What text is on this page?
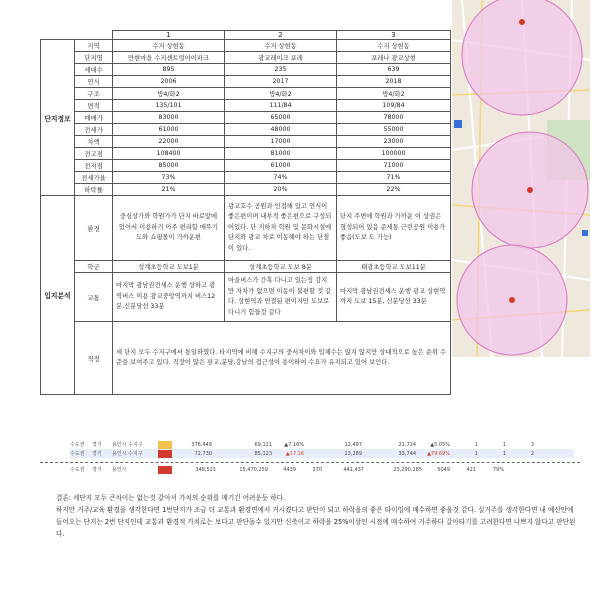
		1	2	3
단지정보	지역	수지 상현동	수지 상현동	수지 상현동
	단지명	만현마을 수지센트럴아이파크	광교레이크 포레	포레나 광교상현
	세대수	895	235	639
	연식	2006	2017	2018
	구조	방4/화2	방4/화2	방4/화2
	면적	135/101	111/84	109/84
	매매가	83000	65000	78000
	전세가	61000	48000	55000
	차액	22000	17000	23000
	전고점	108400	81000	100000
	전저점	85000	61000	71000
	전세가율	73%	74%	71%
	하락률	21%	20%	22%
입지분석	환경	중심상가와 학원가가 단지 바로앞에 있어서 이용하기 아주 편리함 메뚜기도와 쇼핑몰이 가까운편	광교호수 공원과 인접해 있고 연식이 좋은편이며 내부적 좋은편으로 구성되어있다. 단 지하차 학원 및 문화시설에 단지와 광교 차로 이동해야 하는 단점이 있다.	단지 주변에 학원과 가까운 이 상권은 형성되어 있음 준세통 근린공원 이용가 좋음(도보 도 가능)
	학군	성계초등학교 도보1분	상계초등학교 도보 8분	태광초등학교 도보11분
	교통	마지막 광남권전세스 운행 상하고 광역버스 이용 광교중앙역까지 버스12분,신분당선 33분	마을버스가 간혹 다니고 있는정 감지만 자차가 없으면 이동이 불편할 것 같다. 상현역과 연결된 편이지만 도보로 다니기 힘들것 같다	마지막 광남권전세스 운행 광교 상현역까지 도보 15분, 신분당선 33분
	적정	세 단지 모두 수지구에서 통일하였다. 타지역에 비해 수지구의 중서차이와 입체수는 많지 않지만 상대적으로 높은 순위 수준을 보여주고 있다. 직장이 많은 판교,분당,강남의 접근성이 용이하여 수요가 유지되고 있어 보인다.		
수도권	경기	용인시 수지구	376,449	69,121	▲7.16%	12,497	21,724	▲5.05%	1	1	3
수도권	경기	용인시 수지구	72,730	85,123	▲17.16	13,289	33,744	▲79.69%	1	1	2
수도권	경기	용인시	348,521	15,470,259	4439	370	441,437	23,290,185	5049	421	79%

결론: 세단지 모두 큰차이는 없는것 같아서 가치의 순위를 매기긴 어려운듯 하다.

하지만 거주/교육 환경을 생각한다면 1번단지가 조금 더 교통과 환경면에서 거시켰다고 판단이 되고 하락을의 좋은 타이밍에 매수하면 좋을것 같다. 실거주를 생각한다면 내 예산안에 들어오는 단지는 2번 단지인데 교통과 환경적 가치로는 보다고 판단돌수 있지만 신축이고 하락을 25%이상인 시점에 매수하여 거주하다 갈아타기를 고려한다면 나쁘지 않다고 판단된다.
